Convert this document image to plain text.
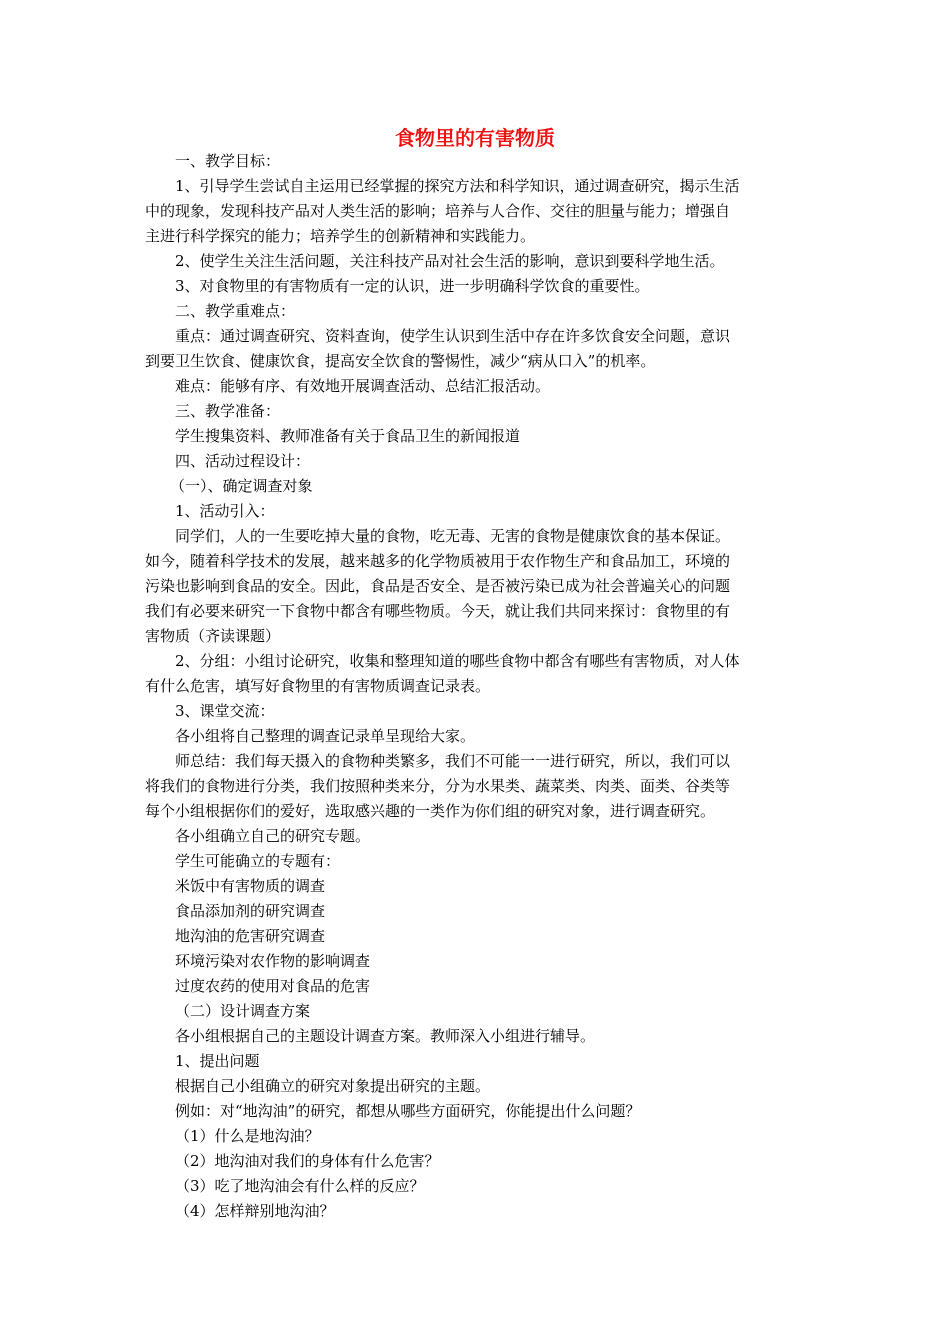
食物里的有害物质

一、教学目标：

1、引导学生尝试自主运用已经掌握的探究方法和科学知识，通过调查研究，揭示生活

中的现象，发现科技产品对人类生活的影响；培养与人合作、交往的胆量与能力；增强自

主进行科学探究的能力；培养学生的创新精神和实践能力。

2、使学生关注生活问题，关注科技产品对社会生活的影响，意识到要科学地生活。

3、对食物里的有害物质有一定的认识，进一步明确科学饮食的重要性。

二、教学重难点：

重点：通过调查研究、资料查询，使学生认识到生活中存在许多饮食安全问题，意识

到要卫生饮食、健康饮食，提高安全饮食的警惕性，减少“病从口入”的机率。

难点：能够有序、有效地开展调查活动、总结汇报活动。

三、教学准备：

学生搜集资料、教师准备有关于食品卫生的新闻报道

四、活动过程设计：

（一）、确定调查对象

1、活动引入：

同学们，人的一生要吃掉大量的食物，吃无毒、无害的食物是健康饮食的基本保证。

如今，随着科学技术的发展，越来越多的化学物质被用于农作物生产和食品加工，环境的

污染也影响到食品的安全。因此，食品是否安全、是否被污染已成为社会普遍关心的问题

我们有必要来研究一下食物中都含有哪些物质。今天，就让我们共同来探讨：食物里的有

害物质（齐读课题）

2、分组：小组讨论研究，收集和整理知道的哪些食物中都含有哪些有害物质，对人体

有什么危害，填写好食物里的有害物质调查记录表。

3、课堂交流：

各小组将自己整理的调查记录单呈现给大家。

师总结：我们每天摄入的食物种类繁多，我们不可能一一进行研究，所以，我们可以

将我们的食物进行分类，我们按照种类来分，分为水果类、蔬菜类、肉类、面类、谷类等

每个小组根据你们的爱好，选取感兴趣的一类作为你们组的研究对象，进行调查研究。

各小组确立自己的研究专题。

学生可能确立的专题有：

米饭中有害物质的调查

食品添加剂的研究调查

地沟油的危害研究调查

环境污染对农作物的影响调查

过度农药的使用对食品的危害

（二）设计调查方案

各小组根据自己的主题设计调查方案。教师深入小组进行辅导。

1、提出问题

根据自己小组确立的研究对象提出研究的主题。

例如：对“地沟油”的研究，都想从哪些方面研究，你能提出什么问题？

（1）什么是地沟油？

（2）地沟油对我们的身体有什么危害？

（3）吃了地沟油会有什么样的反应？

（4）怎样辩别地沟油？
